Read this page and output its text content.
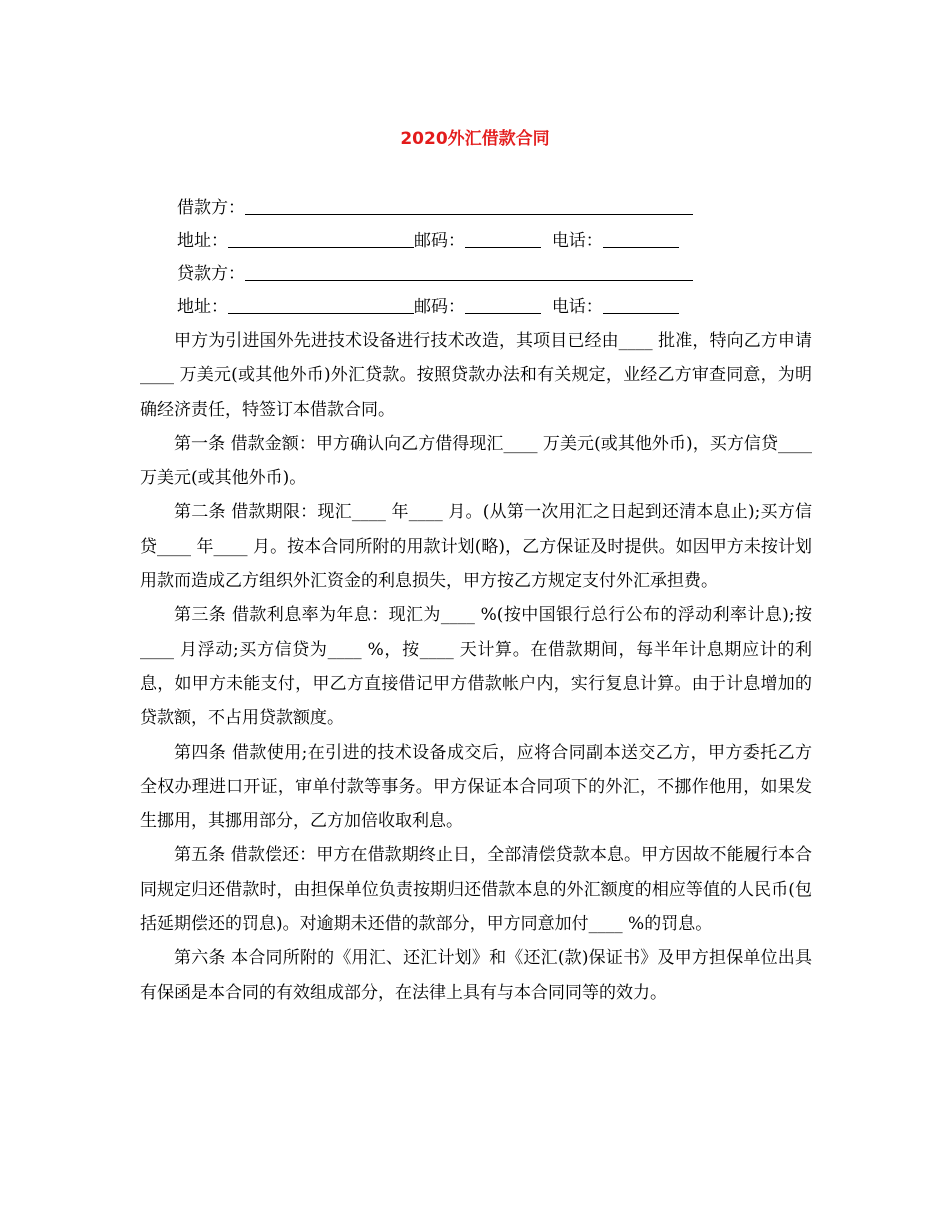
2020外汇借款合同
借款方：
地址：	邮码：	电话：
贷款方：
地址：	邮码：	电话：

甲方为引进国外先进技术设备进行技术改造，其项目已经由____ 批准，特向乙方申请____ 万美元(或其他外币)外汇贷款。按照贷款办法和有关规定，业经乙方审查同意，为明确经济责任，特签订本借款合同。

第一条 借款金额：甲方确认向乙方借得现汇____ 万美元(或其他外币)，买方信贷____ 万美元(或其他外币)。

第二条 借款期限：现汇____ 年____ 月。(从第一次用汇之日起到还清本息止);买方信贷____ 年____ 月。按本合同所附的用款计划(略)，乙方保证及时提供。如因甲方未按计划用款而造成乙方组织外汇资金的利息损失，甲方按乙方规定支付外汇承担费。

第三条 借款利息率为年息：现汇为____ %(按中国银行总行公布的浮动利率计息);按____ 月浮动;买方信贷为____ %，按____ 天计算。在借款期间，每半年计息期应计的利息，如甲方未能支付，甲乙方直接借记甲方借款帐户内，实行复息计算。由于计息增加的贷款额，不占用贷款额度。

第四条 借款使用;在引进的技术设备成交后，应将合同副本送交乙方，甲方委托乙方全权办理进口开证，审单付款等事务。甲方保证本合同项下的外汇，不挪作他用，如果发生挪用，其挪用部分，乙方加倍收取利息。

第五条 借款偿还：甲方在借款期终止日，全部清偿贷款本息。甲方因故不能履行本合同规定归还借款时，由担保单位负责按期归还借款本息的外汇额度的相应等值的人民币(包括延期偿还的罚息)。对逾期未还借的款部分，甲方同意加付____ %的罚息。

第六条 本合同所附的《用汇、还汇计划》和《还汇(款)保证书》及甲方担保单位出具有保函是本合同的有效组成部分，在法律上具有与本合同同等的效力。
